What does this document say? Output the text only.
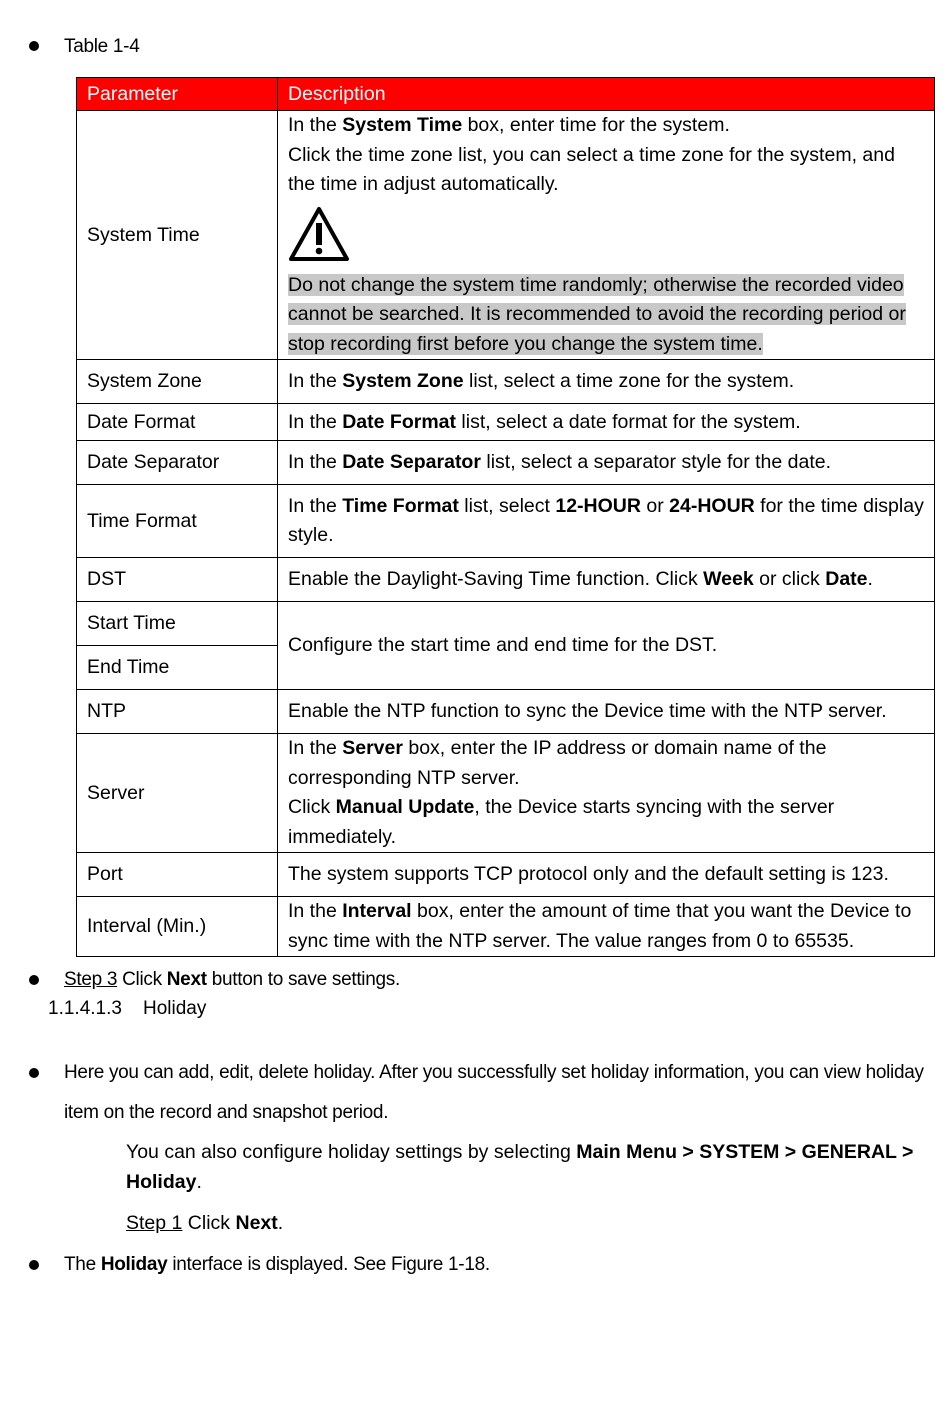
Table 1-4
Parameter	Description
System Time	In the System Time box, enter time for the system.
Click the time zone list, you can select a time zone for the system, and the time in adjust automatically.
Do not change the system time randomly; otherwise the recorded video cannot be searched. It is recommended to avoid the recording period or stop recording first before you change the system time.

System Zone	In the System Zone list, select a time zone for the system.
Date Format	In the Date Format list, select a date format for the system.
Date Separator	In the Date Separator list, select a separator style for the date.
Time Format	In the Time Format list, select 12-HOUR or 24-HOUR for the time display style.
DST	Enable the Daylight-Saving Time function. Click Week or click Date.
Start Time	Configure the start time and end time for the DST.
End Time	
NTP	Enable the NTP function to sync the Device time with the NTP server.
Server	In the Server box, enter the IP address or domain name of the corresponding NTP server.
Click Manual Update, the Device starts syncing with the server immediately.

Port	The system supports TCP protocol only and the default setting is 123.
Interval (Min.)	In the Interval box, enter the amount of time that you want the Device to sync time with the NTP server. The value ranges from 0 to 65535.
Step 3 Click Next button to save settings.
1.1.4.1.3 Holiday
Here you can add, edit, delete holiday. After you successfully set holiday information, you can view holiday
item on the record and snapshot period.
You can also configure holiday settings by selecting Main Menu > SYSTEM > GENERAL > Holiday.
Step 1 Click Next.
The Holiday interface is displayed. See Figure 1-18.
